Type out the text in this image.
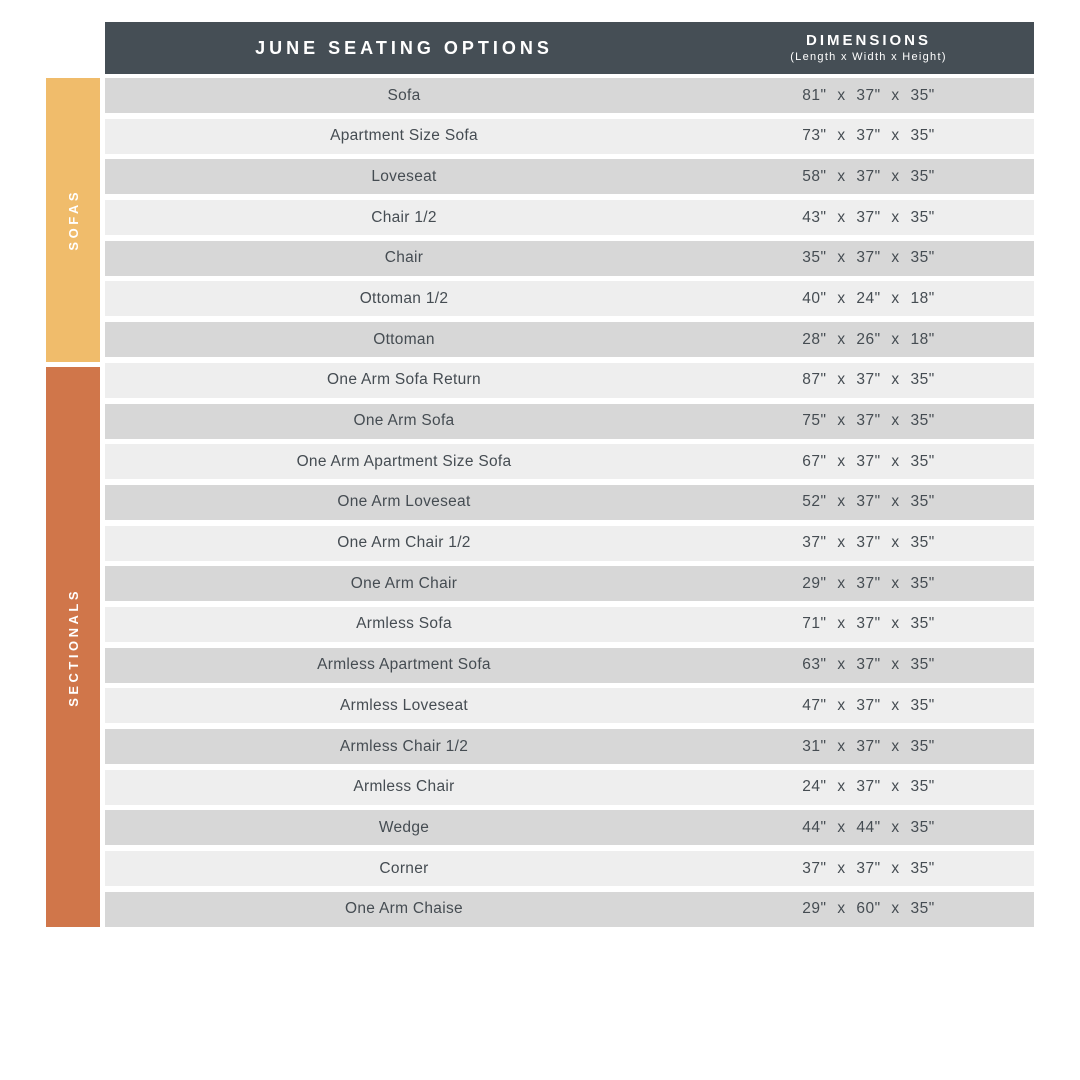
JUNE SEATING OPTIONS	DIMENSIONS
(Length x Width x Height)
SOFAS
SECTIONALS
Sofa	81" x 37" x 35"
Apartment Size Sofa	73" x 37" x 35"
Loveseat	58" x 37" x 35"
Chair 1/2	43" x 37" x 35"
Chair	35" x 37" x 35"
Ottoman 1/2	40" x 24" x 18"
Ottoman	28" x 26" x 18"
One Arm Sofa Return	87" x 37" x 35"
One Arm Sofa	75" x 37" x 35"
One Arm Apartment Size Sofa	67" x 37" x 35"
One Arm Loveseat	52" x 37" x 35"
One Arm Chair 1/2	37" x 37" x 35"
One Arm Chair	29" x 37" x 35"
Armless Sofa	71" x 37" x 35"
Armless Apartment Sofa	63" x 37" x 35"
Armless Loveseat	47" x 37" x 35"
Armless Chair 1/2	31" x 37" x 35"
Armless Chair	24" x 37" x 35"
Wedge	44" x 44" x 35"
Corner	37" x 37" x 35"
One Arm Chaise	29" x 60" x 35"
